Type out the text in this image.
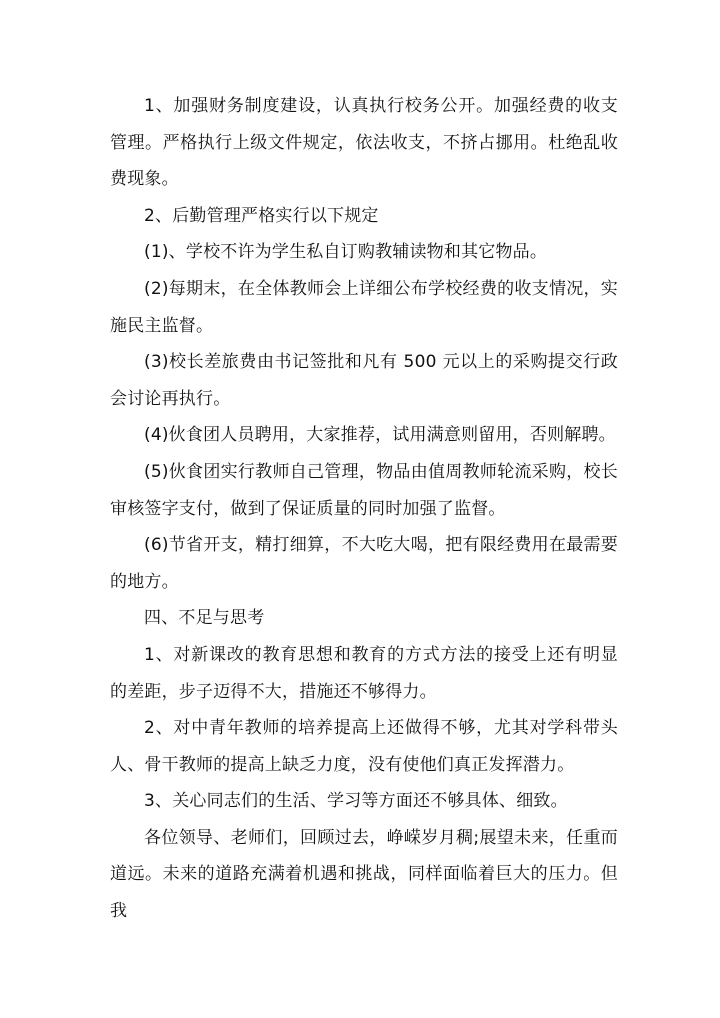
1、加强财务制度建设，认真执行校务公开。加强经费的收支管理。严格执行上级文件规定，依法收支，不挤占挪用。杜绝乱收费现象。

2、后勤管理严格实行以下规定

(1)、学校不许为学生私自订购教辅读物和其它物品。

(2)每期末，在全体教师会上详细公布学校经费的收支情况，实施民主监督。

(3)校长差旅费由书记签批和凡有 500 元以上的采购提交行政会讨论再执行。

(4)伙食团人员聘用，大家推荐，试用满意则留用，否则解聘。

(5)伙食团实行教师自己管理，物品由值周教师轮流采购，校长审核签字支付，做到了保证质量的同时加强了监督。

(6)节省开支，精打细算，不大吃大喝，把有限经费用在最需要的地方。

四、不足与思考

1、对新课改的教育思想和教育的方式方法的接受上还有明显的差距，步子迈得不大，措施还不够得力。

2、对中青年教师的培养提高上还做得不够，尤其对学科带头人、骨干教师的提高上缺乏力度，没有使他们真正发挥潜力。

3、关心同志们的生活、学习等方面还不够具体、细致。

各位领导、老师们，回顾过去，峥嵘岁月稠;展望未来，任重而道远。未来的道路充满着机遇和挑战，同样面临着巨大的压力。但我
